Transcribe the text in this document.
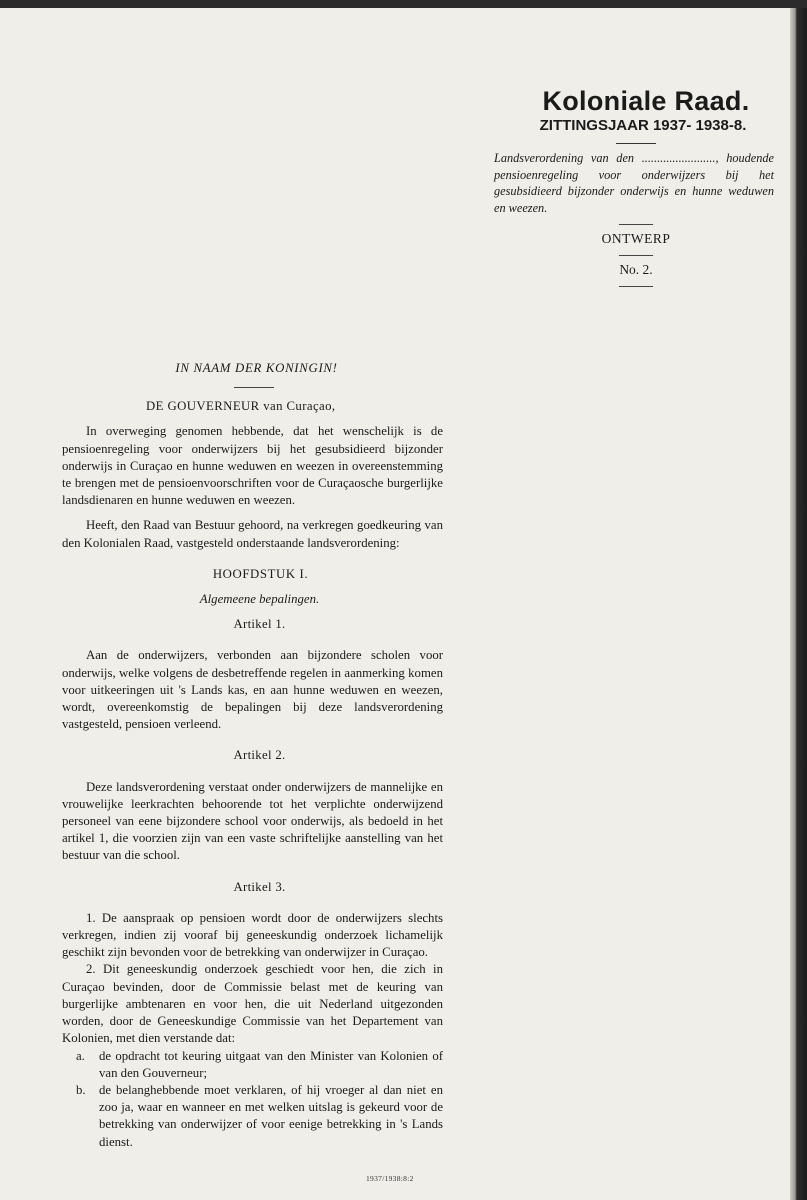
Koloniale Raad.
ZITTINGSJAAR 1937- 1938-8.
Landsverordening van den ........................, houdende pensioenregeling voor onderwijzers bij het gesubsidieerd bijzonder onderwijs en hunne weduwen en weezen.
ONTWERP
No. 2.
IN NAAM DER KONINGIN!
DE GOUVERNEUR van Curaçao,

In overweging genomen hebbende, dat het wenschelijk is de pensioenregeling voor onderwijzers bij het gesubsidieerd bijzonder onderwijs in Curaçao en hunne weduwen en weezen in overeenstemming te brengen met de pensioenvoorschriften voor de Curaçaosche burgerlijke landsdienaren en hunne weduwen en weezen.

Heeft, den Raad van Bestuur gehoord, na verkregen goedkeuring van den Kolonialen Raad, vastgesteld onderstaande landsverordening:

HOOFDSTUK I.
Algemeene bepalingen.
Artikel 1.

Aan de onderwijzers, verbonden aan bijzondere scholen voor onderwijs, welke volgens de desbetreffende regelen in aanmerking komen voor uitkeeringen uit 's Lands kas, en aan hunne weduwen en weezen, wordt, overeenkomstig de bepalingen bij deze landsverordening vastgesteld, pensioen verleend.

Artikel 2.

Deze landsverordening verstaat onder onderwijzers de mannelijke en vrouwelijke leerkrachten behoorende tot het verplichte onderwijzend personeel van eene bijzondere school voor onderwijs, als bedoeld in het artikel 1, die voorzien zijn van een vaste schriftelijke aanstelling van het bestuur van die school.

Artikel 3.

1. De aanspraak op pensioen wordt door de onderwijzers slechts verkregen, indien zij vooraf bij geneeskundig onderzoek lichamelijk geschikt zijn bevonden voor de betrekking van onderwijzer in Curaçao.

2. Dit geneeskundig onderzoek geschiedt voor hen, die zich in Curaçao bevinden, door de Commissie belast met de keuring van burgerlijke ambtenaren en voor hen, die uit Nederland uitgezonden worden, door de Geneeskundige Commissie van het Departement van Kolonien, met dien verstande dat:

a.	de opdracht tot keuring uitgaat van den Minister van Kolonien of van den Gouverneur;
b.	de belanghebbende moet verklaren, of hij vroeger al dan niet en zoo ja, waar en wanneer en met welken uitslag is gekeurd voor de betrekking van onderwijzer of voor eenige betrekking in 's Lands dienst.
1937/1938:8:2
